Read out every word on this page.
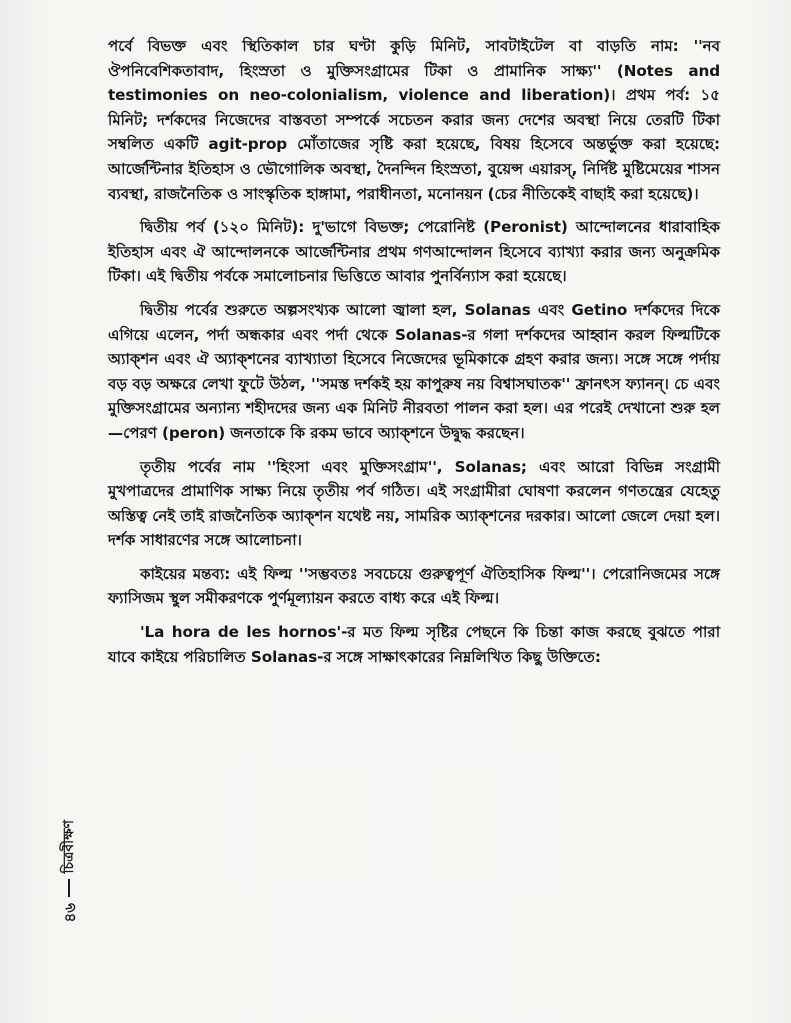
পর্বে বিভক্ত এবং স্থিতিকাল চার ঘণ্টা কুড়ি মিনিট, সাবটাইটেল বা বাড়তি নাম: ''নব ঔপনিবেশিকতাবাদ, হিংস্রতা ও মুক্তিসংগ্রামের টিকা ও প্রামানিক সাক্ষ্য'' (Notes and testimonies on neo-colonialism, violence and liberation)। প্রথম পর্ব: ১৫ মিনিট; দর্শকদের নিজেদের বাস্তবতা সম্পর্কে সচেতন করার জন্য দেশের অবস্থা নিয়ে তেরটি টিকা সম্বলিত একটি agit-prop মোঁতাজের সৃষ্টি করা হয়েছে, বিষয় হিসেবে অন্তর্ভুক্ত করা হয়েছে: আর্জেন্টিনার ইতিহাস ও ভৌগোলিক অবস্থা, দৈনন্দিন হিংস্রতা, বুয়েন্স এয়ারস্, নির্দিষ্ট মুষ্টিমেয়ের শাসন ব্যবস্থা, রাজনৈতিক ও সাংস্কৃতিক হাঙ্গামা, পরাধীনতা, মনোনয়ন (চের নীতিকেই বাছাই করা হয়েছে)।

দ্বিতীয় পর্ব (১২০ মিনিট): দু'ভাগে বিভক্ত; পেরোনিষ্ট (Peronist) আন্দোলনের ধারাবাহিক ইতিহাস এবং ঐ আন্দোলনকে আর্জেন্টিনার প্রথম গণআন্দোলন হিসেবে ব্যাখ্যা করার জন্য অনুক্রমিক টিকা। এই দ্বিতীয় পর্বকে সমালোচনার ভিত্তিতে আবার পুনর্বিন্যাস করা হয়েছে।

দ্বিতীয় পর্বের শুরুতে অল্পসংখ্যক আলো জ্বালা হল, Solanas এবং Getino দর্শকদের দিকে এগিয়ে এলেন, পর্দা অন্ধকার এবং পর্দা থেকে Solanas-র গলা দর্শকদের আহ্বান করল ফিল্মটিকে অ্যাক্শন এবং ঐ অ্যাক্শনের ব্যাখ্যাতা হিসেবে নিজেদের ভূমিকাকে গ্রহণ করার জন্য। সঙ্গে সঙ্গে পর্দায় বড় বড় অক্ষরে লেখা ফুটে উঠল, ''সমস্ত দর্শকই হয় কাপুরুষ নয় বিশ্বাসঘাতক'' ফ্রানৎস ফ্যানন্। চে এবং মুক্তিসংগ্রামের অন্যান্য শহীদদের জন্য এক মিনিট নীরবতা পালন করা হল। এর পরেই দেখানো শুরু হল—পেরণ (peron) জনতাকে কি রকম ভাবে অ্যাক্শনে উদ্বুদ্ধ করছেন।

তৃতীয় পর্বের নাম ''হিংসা এবং মুক্তিসংগ্রাম'', Solanas; এবং আরো বিভিন্ন সংগ্রামী মুখপাত্রদের প্রামাণিক সাক্ষ্য নিয়ে তৃতীয় পর্ব গঠিত। এই সংগ্রামীরা ঘোষণা করলেন গণতন্ত্রের যেহেতু অস্তিত্ব নেই তাই রাজনৈতিক অ্যাক্শন যথেষ্ট নয়, সামরিক অ্যাক্শনের দরকার। আলো জেলে দেয়া হল। দর্শক সাধারণের সঙ্গে আলোচনা।

কাইয়ের মন্তব্য: এই ফিল্ম ''সম্ভবতঃ সবচেয়ে গুরুত্বপূর্ণ ঐতিহাসিক ফিল্ম''। পেরোনিজমের সঙ্গে ফ্যাসিজম স্থুল সমীকরণকে পুর্ণমূল্যায়ন করতে বাধ্য করে এই ফিল্ম।

'La hora de les hornos'-র মত ফিল্ম সৃষ্টির পেছনে কি চিন্তা কাজ করছে বুঝতে পারা যাবে কাইয়ে পরিচালিত Solanas-র সঙ্গে সাক্ষাৎকারের নিম্নলিখিত কিছু উক্তিতে:

চিত্রবীক্ষণ
৪৬
